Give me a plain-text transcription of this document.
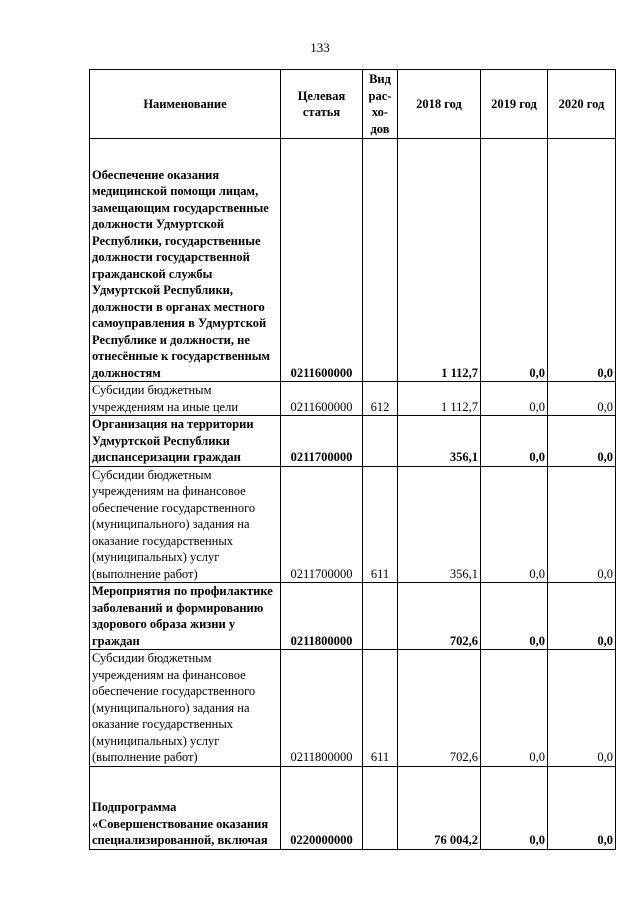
133
Наименование	Целевая статья	Вид рас-хо-дов	2018 год	2019 год	2020 год
Обеспечение оказания медицинской помощи лицам, замещающим государственные должности Удмуртской Республики, государственные должности государственной гражданской службы Удмуртской Республики, должности в органах местного самоуправления в Удмуртской Республике и должности, не отнесённые к государственным должностям	0211600000		1 112,7	0,0	0,0
Субсидии бюджетным учреждениям на иные цели	0211600000	612	1 112,7	0,0	0,0
Организация на территории Удмуртской Республики диспансеризации граждан	0211700000		356,1	0,0	0,0
Субсидии бюджетным учреждениям на финансовое обеспечение государственного (муниципального) задания на оказание государственных (муниципальных) услуг (выполнение работ)	0211700000	611	356,1	0,0	0,0
Мероприятия по профилактике заболеваний и формированию здорового образа жизни у граждан	0211800000		702,6	0,0	0,0
Субсидии бюджетным учреждениям на финансовое обеспечение государственного (муниципального) задания на оказание государственных (муниципальных) услуг (выполнение работ)	0211800000	611	702,6	0,0	0,0
Подпрограмма «Совершенствование оказания специализированной, включая	0220000000		76 004,2	0,0	0,0
